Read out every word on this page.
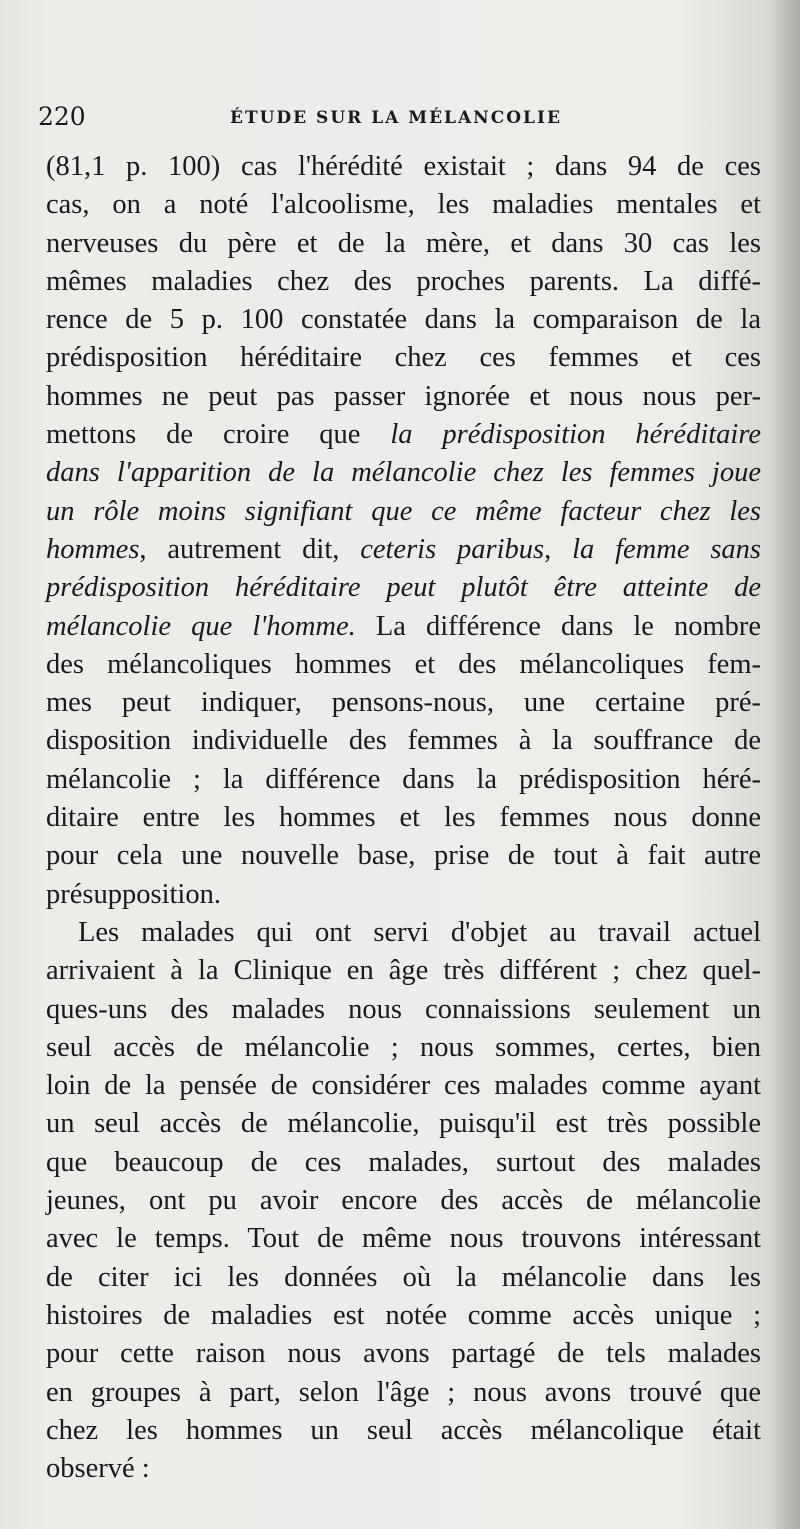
220	ÉTUDE SUR LA MÉLANCOLIE
(81,1 p. 100) cas l'hérédité existait ; dans 94 de ces
cas, on a noté l'alcoolisme, les maladies mentales et
nerveuses du père et de la mère, et dans 30 cas les
mêmes maladies chez des proches parents. La diffé-
rence de 5 p. 100 constatée dans la comparaison de la
prédisposition héréditaire chez ces femmes et ces
hommes ne peut pas passer ignorée et nous nous per-
mettons de croire que la prédisposition héréditaire
dans l'apparition de la mélancolie chez les femmes joue
un rôle moins signifiant que ce même facteur chez les
hommes, autrement dit, ceteris paribus, la femme sans
prédisposition héréditaire peut plutôt être atteinte de
mélancolie que l'homme. La différence dans le nombre
des mélancoliques hommes et des mélancoliques fem-
mes peut indiquer, pensons-nous, une certaine pré-
disposition individuelle des femmes à la souffrance de
mélancolie ; la différence dans la prédisposition héré-
ditaire entre les hommes et les femmes nous donne
pour cela une nouvelle base, prise de tout à fait autre
présupposition.
Les malades qui ont servi d'objet au travail actuel
arrivaient à la Clinique en âge très différent ; chez quel-
ques-uns des malades nous connaissions seulement un
seul accès de mélancolie ; nous sommes, certes, bien
loin de la pensée de considérer ces malades comme ayant
un seul accès de mélancolie, puisqu'il est très possible
que beaucoup de ces malades, surtout des malades
jeunes, ont pu avoir encore des accès de mélancolie
avec le temps. Tout de même nous trouvons intéressant
de citer ici les données où la mélancolie dans les
histoires de maladies est notée comme accès unique ;
pour cette raison nous avons partagé de tels malades
en groupes à part, selon l'âge ; nous avons trouvé que
chez les hommes un seul accès mélancolique était
observé :
